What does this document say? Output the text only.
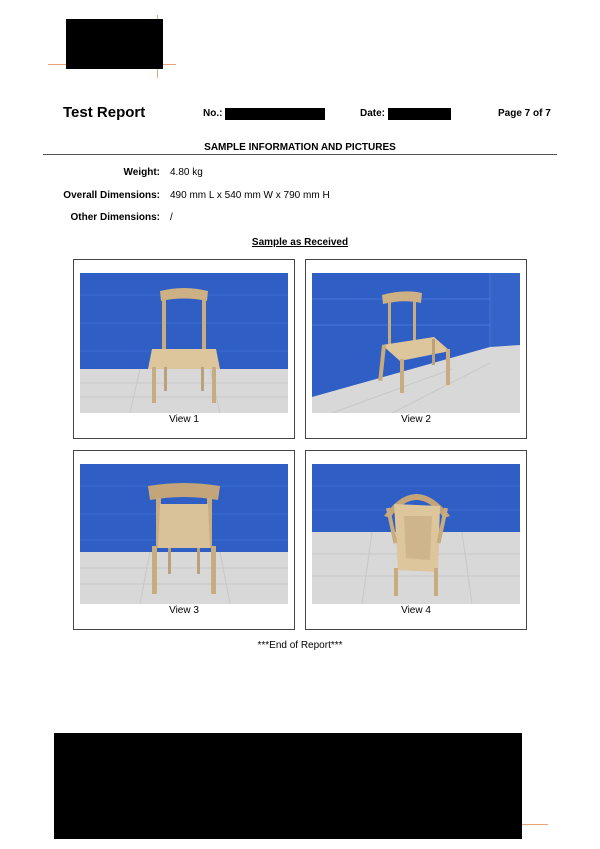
Test Report	No.:	Date:	Page 7 of 7
SAMPLE INFORMATION AND PICTURES
Weight: 4.80 kg
Overall Dimensions: 490 mm L x 540 mm W x 790 mm H
Other Dimensions: /
Sample as Received
View 1	View 2
View 3	View 4
***End of Report***
